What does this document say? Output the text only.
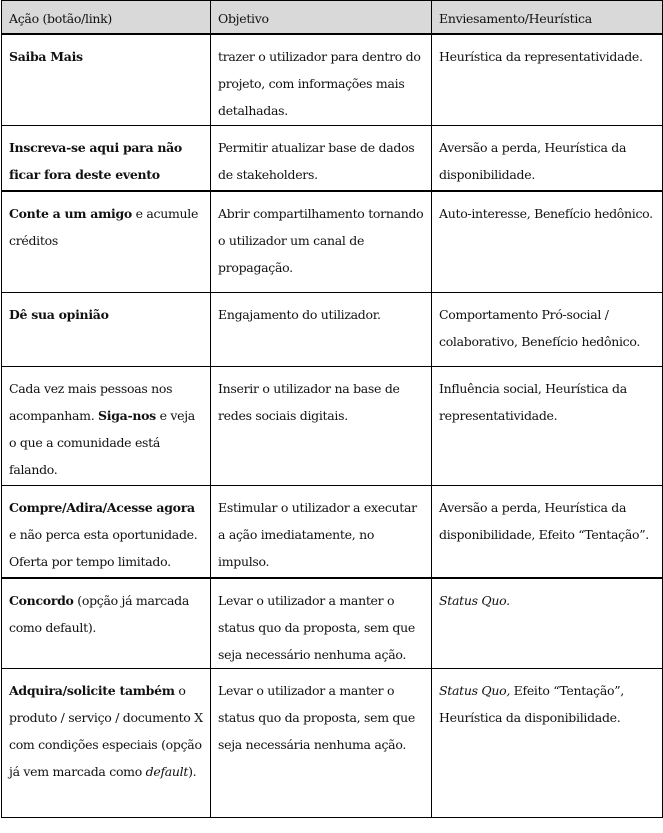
Ação (botão/link)	Objetivo	Enviesamento/Heurística
Saiba Mais	trazer o utilizador para dentro do projeto, com informações mais detalhadas.	Heurística da representatividade.
Inscreva-se aqui para não ficar fora deste evento	Permitir atualizar base de dados de stakeholders.	Aversão a perda, Heurística da disponibilidade.
Conte a um amigo e acumule créditos	Abrir compartilhamento tornando o utilizador um canal de propagação.	Auto-interesse, Benefício hedônico.
Dê sua opinião	Engajamento do utilizador.	Comportamento Pró-social / colaborativo, Benefício hedônico.
Cada vez mais pessoas nos acompanham. Siga-nos e veja o que a comunidade está falando.	Inserir o utilizador na base de redes sociais digitais.	Influência social, Heurística da representatividade.
Compre/Adira/Acesse agora e não perca esta oportunidade. Oferta por tempo limitado.	Estimular o utilizador a executar a ação imediatamente, no impulso.	Aversão a perda, Heurística da disponibilidade, Efeito “Tentação”.
Concordo (opção já marcada como default).	Levar o utilizador a manter o status quo da proposta, sem que seja necessário nenhuma ação.	Status Quo.
Adquira/solicite também o produto / serviço / documento X com condições especiais (opção já vem marcada como default).	Levar o utilizador a manter o status quo da proposta, sem que seja necessária nenhuma ação.	Status Quo, Efeito “Tentação”, Heurística da disponibilidade.
